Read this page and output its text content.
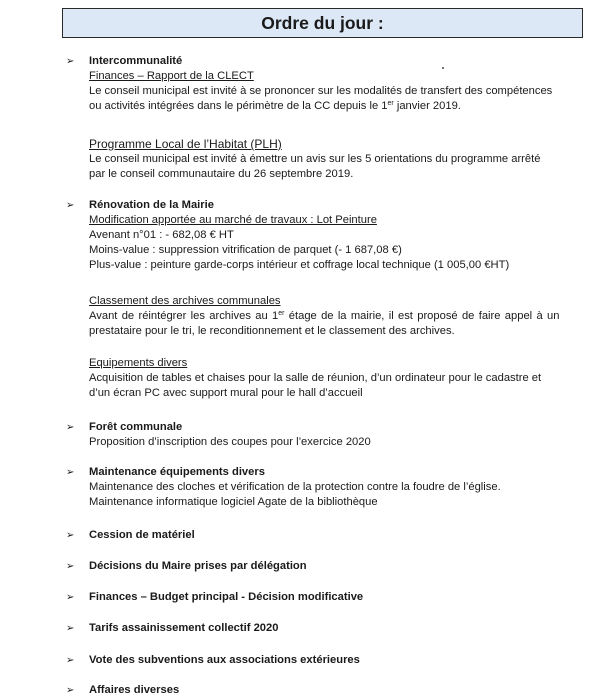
Ordre du jour :
➢ Intercommunalité
Finances – Rapport de la CLECT
Le conseil municipal est invité à se prononcer sur les modalités de transfert des compétences
ou activités intégrées dans le périmètre de la CC depuis le 1er janvier 2019.
Programme Local de l’Habitat (PLH)
Le conseil municipal est invité à émettre un avis sur les 5 orientations du programme arrêté
par le conseil communautaire du 26 septembre 2019.
➢ Rénovation de la Mairie
Modification apportée au marché de travaux : Lot Peinture
Avenant n°01 : - 682,08 € HT
Moins-value : suppression vitrification de parquet (- 1 687,08 €)
Plus-value : peinture garde-corps intérieur et coffrage local technique (1 005,00 €HT)
Classement des archives communales
Avant de réintégrer les archives au 1er étage de la mairie, il est proposé de faire appel à un
prestataire pour le tri, le reconditionnement et le classement des archives.
Equipements divers
Acquisition de tables et chaises pour la salle de réunion, d’un ordinateur pour le cadastre et
d’un écran PC avec support mural pour le hall d’accueil
➢ Forêt communale
Proposition d’inscription des coupes pour l’exercice 2020
➢ Maintenance équipements divers
Maintenance des cloches et vérification de la protection contre la foudre de l’église.
Maintenance informatique logiciel Agate de la bibliothèque
➢ Cession de matériel
➢ Décisions du Maire prises par délégation
➢ Finances – Budget principal - Décision modificative
➢ Tarifs assainissement collectif 2020
➢ Vote des subventions aux associations extérieures
➢ Affaires diverses
